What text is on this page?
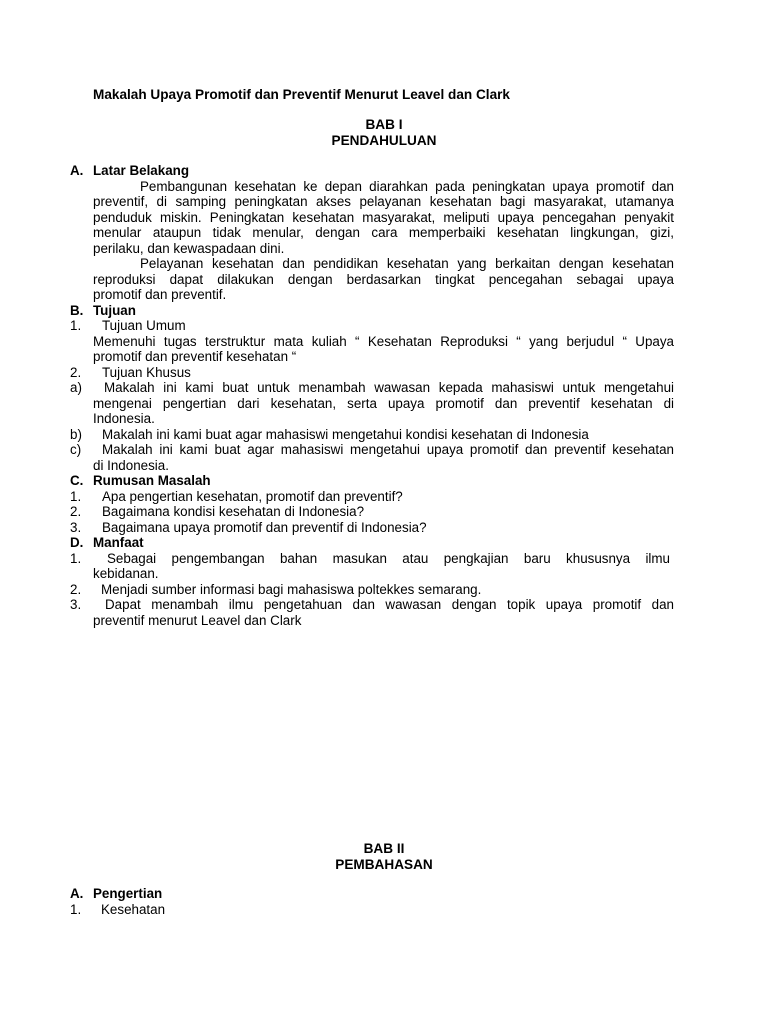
Makalah Upaya Promotif dan Preventif Menurut Leavel dan Clark
BAB I
PENDAHULUAN
A. Latar Belakang
Pembangunan kesehatan ke depan diarahkan pada peningkatan upaya promotif dan
preventif, di samping peningkatan akses pelayanan kesehatan bagi masyarakat, utamanya
penduduk miskin. Peningkatan kesehatan masyarakat, meliputi upaya pencegahan penyakit
menular ataupun tidak menular, dengan cara memperbaiki kesehatan lingkungan, gizi,
perilaku, dan kewaspadaan dini.
Pelayanan kesehatan dan pendidikan kesehatan yang berkaitan dengan kesehatan
reproduksi dapat dilakukan dengan berdasarkan tingkat pencegahan sebagai upaya
promotif dan preventif.
B. Tujuan
1. Tujuan Umum
Memenuhi tugas terstruktur mata kuliah “ Kesehatan Reproduksi “ yang berjudul “ Upaya
promotif dan preventif kesehatan “
2. Tujuan Khusus
a) Makalah ini kami buat untuk menambah wawasan kepada mahasiswi untuk mengetahui
mengenai pengertian dari kesehatan, serta upaya promotif dan preventif kesehatan di
Indonesia.
b) Makalah ini kami buat agar mahasiswi mengetahui kondisi kesehatan di Indonesia
c) Makalah ini kami buat agar mahasiswi mengetahui upaya promotif dan preventif kesehatan
di Indonesia.
C. Rumusan Masalah
1. Apa pengertian kesehatan, promotif dan preventif?
2. Bagaimana kondisi kesehatan di Indonesia?
3. Bagaimana upaya promotif dan preventif di Indonesia?
D. Manfaat
1. Sebagai pengembangan bahan masukan atau pengkajian baru khususnya ilmu
kebidanan.
2. Menjadi sumber informasi bagi mahasiswa poltekkes semarang.
3. Dapat menambah ilmu pengetahuan dan wawasan dengan topik upaya promotif dan
preventif menurut Leavel dan Clark
BAB II
PEMBAHASAN
A. Pengertian
1. Kesehatan
